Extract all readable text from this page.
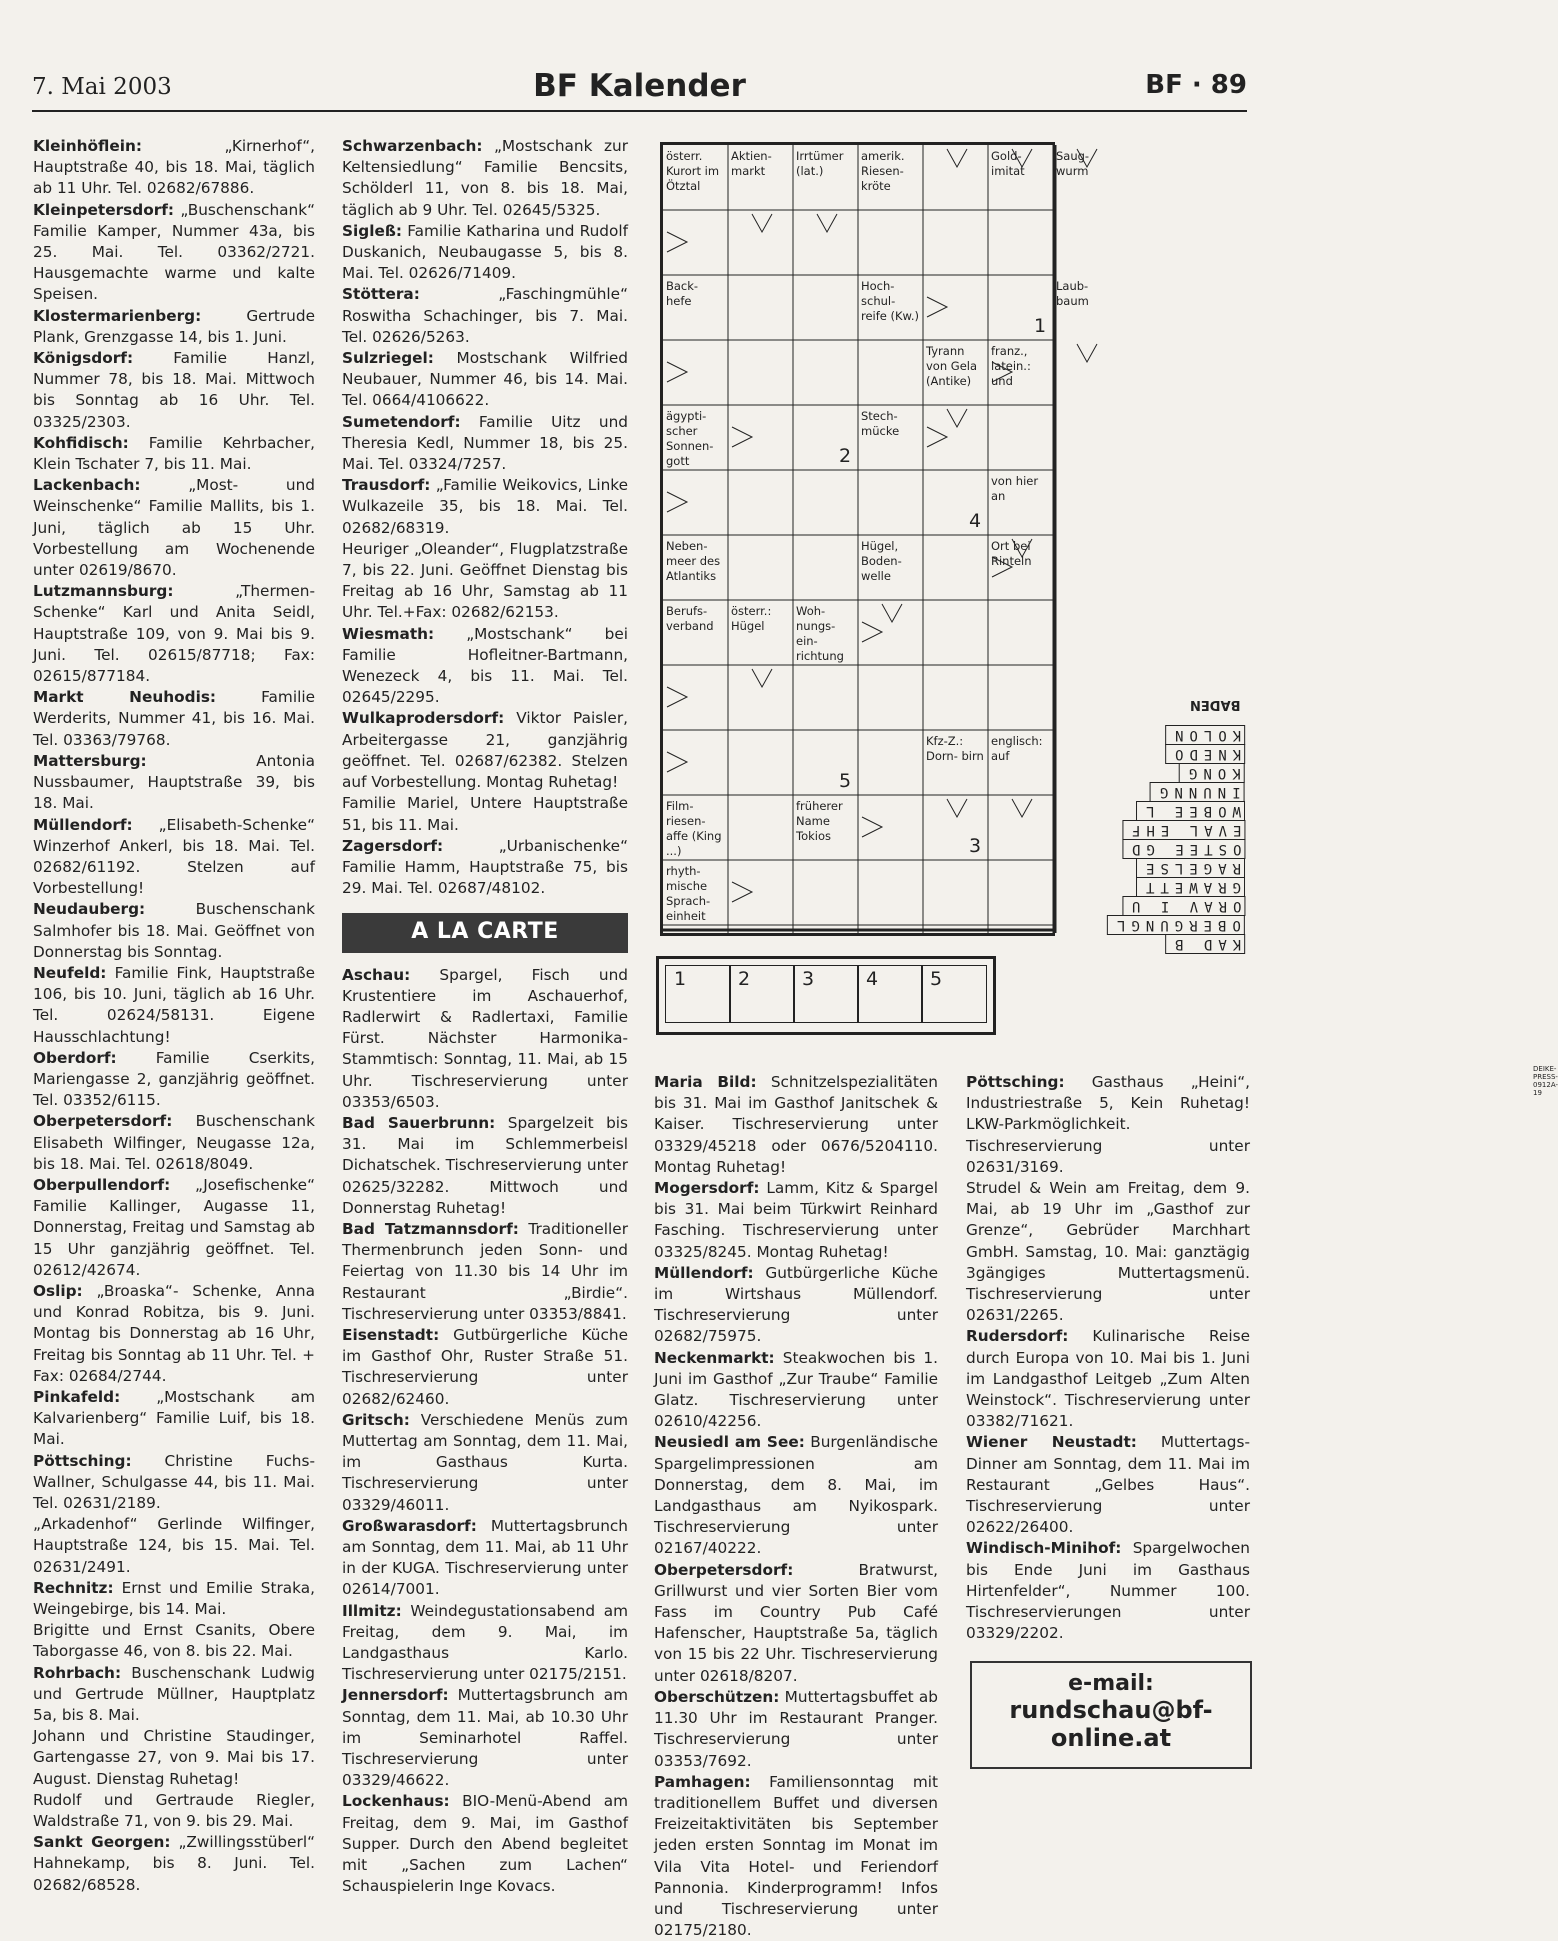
7. Mai 2003	BF Kalender	BF · 89

Kleinhöflein: „Kirnerhof“, Hauptstraße 40, bis 18. Mai, täglich ab 11 Uhr. Tel. 02682/67886.

Kleinpetersdorf: „Buschenschank“ Familie Kamper, Nummer 43a, bis 25. Mai. Tel. 03362/2721. Hausgemachte warme und kalte Speisen.

Klostermarienberg: Gertrude Plank, Grenzgasse 14, bis 1. Juni.

Königsdorf: Familie Hanzl, Nummer 78, bis 18. Mai. Mittwoch bis Sonntag ab 16 Uhr. Tel. 03325/2303.

Kohfidisch: Familie Kehrbacher, Klein Tschater 7, bis 11. Mai.

Lackenbach: „Most- und Weinschenke“ Familie Mallits, bis 1. Juni, täglich ab 15 Uhr. Vorbestellung am Wochenende unter 02619/8670.

Lutzmannsburg: „Thermen-Schenke“ Karl und Anita Seidl, Hauptstraße 109, von 9. Mai bis 9. Juni. Tel. 02615/87718; Fax: 02615/877184.

Markt Neuhodis: Familie Werderits, Nummer 41, bis 16. Mai. Tel. 03363/79768.

Mattersburg: Antonia Nussbaumer, Hauptstraße 39, bis 18. Mai.

Müllendorf: „Elisabeth-Schenke“ Winzerhof Ankerl, bis 18. Mai. Tel. 02682/61192. Stelzen auf Vorbestellung!

Neudauberg: Buschenschank Salmhofer bis 18. Mai. Geöffnet von Donnerstag bis Sonntag.

Neufeld: Familie Fink, Hauptstraße 106, bis 10. Juni, täglich ab 16 Uhr. Tel. 02624/58131. Eigene Hausschlachtung!

Oberdorf: Familie Cserkits, Mariengasse 2, ganzjährig geöffnet. Tel. 03352/6115.

Oberpetersdorf: Buschenschank Elisabeth Wilfinger, Neugasse 12a, bis 18. Mai. Tel. 02618/8049.

Oberpullendorf: „Josefischenke“ Familie Kallinger, Augasse 11, Donnerstag, Freitag und Samstag ab 15 Uhr ganzjährig geöffnet. Tel. 02612/42674.

Oslip: „Broaska“- Schenke, Anna und Konrad Robitza, bis 9. Juni. Montag bis Donnerstag ab 16 Uhr, Freitag bis Sonntag ab 11 Uhr. Tel. + Fax: 02684/2744.

Pinkafeld: „Mostschank am Kalvarienberg“ Familie Luif, bis 18. Mai.

Pöttsching: Christine Fuchs-Wallner, Schulgasse 44, bis 11. Mai. Tel. 02631/2189.

„Arkadenhof“ Gerlinde Wilfinger, Hauptstraße 124, bis 15. Mai. Tel. 02631/2491.

Rechnitz: Ernst und Emilie Straka, Weingebirge, bis 14. Mai.

Brigitte und Ernst Csanits, Obere Taborgasse 46, von 8. bis 22. Mai.

Rohrbach: Buschenschank Ludwig und Gertrude Müllner, Hauptplatz 5a, bis 8. Mai.

Johann und Christine Staudinger, Gartengasse 27, von 9. Mai bis 17. August. Dienstag Ruhetag!

Rudolf und Gertraude Riegler, Waldstraße 71, von 9. bis 29. Mai.

Sankt Georgen: „Zwillingsstüberl“ Hahnekamp, bis 8. Juni. Tel. 02682/68528.

Schwarzenbach: „Mostschank zur Keltensiedlung“ Familie Bencsits, Schölderl 11, von 8. bis 18. Mai, täglich ab 9 Uhr. Tel. 02645/5325.

Sigleß: Familie Katharina und Rudolf Duskanich, Neubaugasse 5, bis 8. Mai. Tel. 02626/71409.

Stöttera: „Faschingmühle“ Roswitha Schachinger, bis 7. Mai. Tel. 02626/5263.

Sulzriegel: Mostschank Wilfried Neubauer, Nummer 46, bis 14. Mai. Tel. 0664/4106622.

Sumetendorf: Familie Uitz und Theresia Kedl, Nummer 18, bis 25. Mai. Tel. 03324/7257.

Trausdorf: „Familie Weikovics, Linke Wulkazeile 35, bis 18. Mai. Tel. 02682/68319.

Heuriger „Oleander“, Flugplatzstraße 7, bis 22. Juni. Geöffnet Dienstag bis Freitag ab 16 Uhr, Samstag ab 11 Uhr. Tel.+Fax: 02682/62153.

Wiesmath: „Mostschank“ bei Familie Hofleitner-Bartmann, Wenezeck 4, bis 11. Mai. Tel. 02645/2295.

Wulkaprodersdorf: Viktor Paisler, Arbeitergasse 21, ganzjährig geöffnet. Tel. 02687/62382. Stelzen auf Vorbestellung. Montag Ruhetag!

Familie Mariel, Untere Hauptstraße 51, bis 11. Mai.

Zagersdorf: „Urbanischenke“ Familie Hamm, Hauptstraße 75, bis 29. Mai. Tel. 02687/48102.

A LA CARTE

Aschau: Spargel, Fisch und Krustentiere im Aschauerhof, Radlerwirt & Radlertaxi, Familie Fürst. Nächster Harmonika-Stammtisch: Sonntag, 11. Mai, ab 15 Uhr. Tischreservierung unter 03353/6503.

Bad Sauerbrunn: Spargelzeit bis 31. Mai im Schlemmerbeisl Dichatschek. Tischreservierung unter 02625/32282. Mittwoch und Donnerstag Ruhetag!

Bad Tatzmannsdorf: Traditioneller Thermenbrunch jeden Sonn- und Feiertag von 11.30 bis 14 Uhr im Restaurant „Birdie“. Tischreservierung unter 03353/8841.

Eisenstadt: Gutbürgerliche Küche im Gasthof Ohr, Ruster Straße 51. Tischreservierung unter 02682/62460.

Gritsch: Verschiedene Menüs zum Muttertag am Sonntag, dem 11. Mai, im Gasthaus Kurta. Tischreservierung unter 03329/46011.

Großwarasdorf: Muttertagsbrunch am Sonntag, dem 11. Mai, ab 11 Uhr in der KUGA. Tischreservierung unter 02614/7001.

Illmitz: Weindegustationsabend am Freitag, dem 9. Mai, im Landgasthaus Karlo. Tischreservierung unter 02175/2151.

Jennersdorf: Muttertagsbrunch am Sonntag, dem 11. Mai, ab 10.30 Uhr im Seminarhotel Raffel. Tischreservierung unter 03329/46622.

Lockenhaus: BIO-Menü-Abend am Freitag, dem 9. Mai, im Gasthof Supper. Durch den Abend begleitet mit „Sachen zum Lachen“ Schauspielerin Inge Kovacs.

Maria Bild: Schnitzelspezialitäten bis 31. Mai im Gasthof Janitschek & Kaiser. Tischreservierung unter 03329/45218 oder 0676/5204110. Montag Ruhetag!

Mogersdorf: Lamm, Kitz & Spargel bis 31. Mai beim Türkwirt Reinhard Fasching. Tischreservierung unter 03325/8245. Montag Ruhetag!

Müllendorf: Gutbürgerliche Küche im Wirtshaus Müllendorf. Tischreservierung unter 02682/75975.

Neckenmarkt: Steakwochen bis 1. Juni im Gasthof „Zur Traube“ Familie Glatz. Tischreservierung unter 02610/42256.

Neusiedl am See: Burgenländische Spargelimpressionen am Donnerstag, dem 8. Mai, im Landgasthaus am Nyikospark. Tischreservierung unter 02167/40222.

Oberpetersdorf: Bratwurst, Grillwurst und vier Sorten Bier vom Fass im Country Pub Café Hafenscher, Hauptstraße 5a, täglich von 15 bis 22 Uhr. Tischreservierung unter 02618/8207.

Oberschützen: Muttertagsbuffet ab 11.30 Uhr im Restaurant Pranger. Tischreservierung unter 03353/7692.

Pamhagen: Familiensonntag mit traditionellem Buffet und diversen Freizeitaktivitäten bis September jeden ersten Sonntag im Monat im Vila Vita Hotel- und Feriendorf Pannonia. Kinderprogramm! Infos und Tischreservierung unter 02175/2180.

Pöttsching: Gasthaus „Heini“, Industriestraße 5, Kein Ruhetag! LKW-Parkmöglichkeit. Tischreservierung unter 02631/3169.

Strudel & Wein am Freitag, dem 9. Mai, ab 19 Uhr im „Gasthof zur Grenze“, Gebrüder Marchhart GmbH. Samstag, 10. Mai: ganztägig 3gängiges Muttertagsmenü. Tischreservierung unter 02631/2265.

Rudersdorf: Kulinarische Reise durch Europa von 10. Mai bis 1. Juni im Landgasthof Leitgeb „Zum Alten Weinstock“. Tischreservierung unter 03382/71621.

Wiener Neustadt: Muttertags-Dinner am Sonntag, dem 11. Mai im Restaurant „Gelbes Haus“. Tischreservierung unter 02622/26400.

Windisch-Minihof: Spargelwochen bis Ende Juni im Gasthaus Hirtenfelder“, Nummer 100. Tischreservierungen unter 03329/2202.

österr. Kurort im Ötztal
Aktien- markt
Irrtümer (lat.)
amerik. Riesen- kröte
Gold- imitat
Saug- wurm
Back- hefe
Hoch- schul- reife (Kw.)
Laub- baum
Tyrann von Gela (Antike)
franz., latein.: und
ägypti- scher Sonnen- gott
Stech- mücke
von hier an
Neben- meer des Atlantiks
Hügel, Boden- welle
Ort bei Rinteln
Berufs- verband
österr.: Hügel
Woh- nungs- ein- richtung
Kfz-Z.: Dorn- birn
englisch: auf
Film- riesen- affe (King ...)
früherer Name Tokios
rhyth- mische Sprach- einheit
1
2
4
5
3
DEIKE-PRESS-0912A-19
BADEN
KOLON
KNEDO
KONG
INUNNG
WOBEE L
EVAL EHF
OSTEE GD
RAGELSE
GRAWETT
ORAV I U
OBERGUNGL
KAD B
1	2	3	4	5
e-mail:
rundschau@bf-
online.at
